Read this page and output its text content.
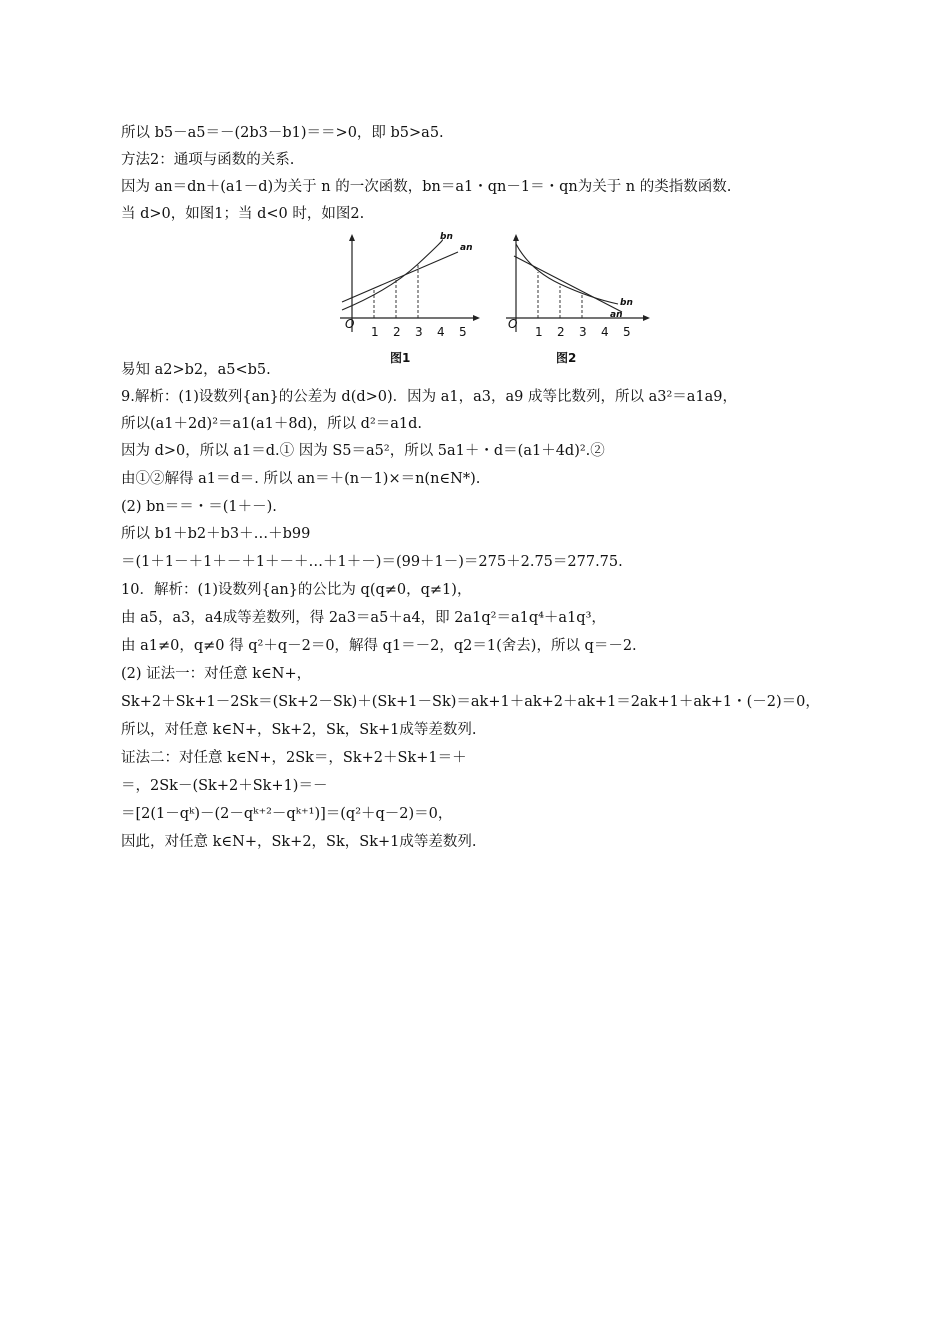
所以 b5－a5＝－(2b3－b1)＝＝>0，即 b5>a5.
方法2：通项与函数的关系.
因为 an＝dn＋(a1－d)为关于 n 的一次函数，bn＝a1・qn－1＝・qn为关于 n 的类指数函数.
当 d>0，如图1；当 d<0 时，如图2.
O
1 2 3 4 5
bn
an
图1
O
1 2 3 4 5
bn
an
图2
易知 a2>b2，a5<b5.
9.解析：(1)设数列{an}的公差为 d(d>0)．因为 a1，a3，a9 成等比数列，所以 a3²＝a1a9，
所以(a1＋2d)²＝a1(a1＋8d)，所以 d²＝a1d.
因为 d>0，所以 a1＝d.① 因为 S5＝a5²，所以 5a1＋・d＝(a1＋4d)².②
由①②解得 a1＝d＝. 所以 an＝＋(n－1)×＝n(n∈N*).
(2) bn＝＝・＝(1＋－).
所以 b1＋b2＋b3＋…＋b99
＝(1＋1－＋1＋－＋1＋－＋…＋1＋－)＝(99＋1－)＝275＋2.75＝277.75.
10．解析：(1)设数列{an}的公比为 q(q≠0，q≠1)，
由 a5，a3，a4成等差数列，得 2a3＝a5＋a4，即 2a1q²＝a1q⁴＋a1q³，
由 a1≠0，q≠0 得 q²＋q－2＝0，解得 q1＝－2，q2＝1(舍去)，所以 q＝－2.
(2) 证法一：对任意 k∈N+，
Sk+2＋Sk+1－2Sk＝(Sk+2－Sk)＋(Sk+1－Sk)＝ak+1＋ak+2＋ak+1＝2ak+1＋ak+1・(－2)＝0，
所以，对任意 k∈N+，Sk+2，Sk，Sk+1成等差数列.
证法二：对任意 k∈N+，2Sk＝，Sk+2＋Sk+1＝＋
＝，2Sk－(Sk+2＋Sk+1)＝－
＝[2(1－qᵏ)－(2－qᵏ⁺²－qᵏ⁺¹)]＝(q²＋q－2)＝0，
因此，对任意 k∈N+，Sk+2，Sk，Sk+1成等差数列.
